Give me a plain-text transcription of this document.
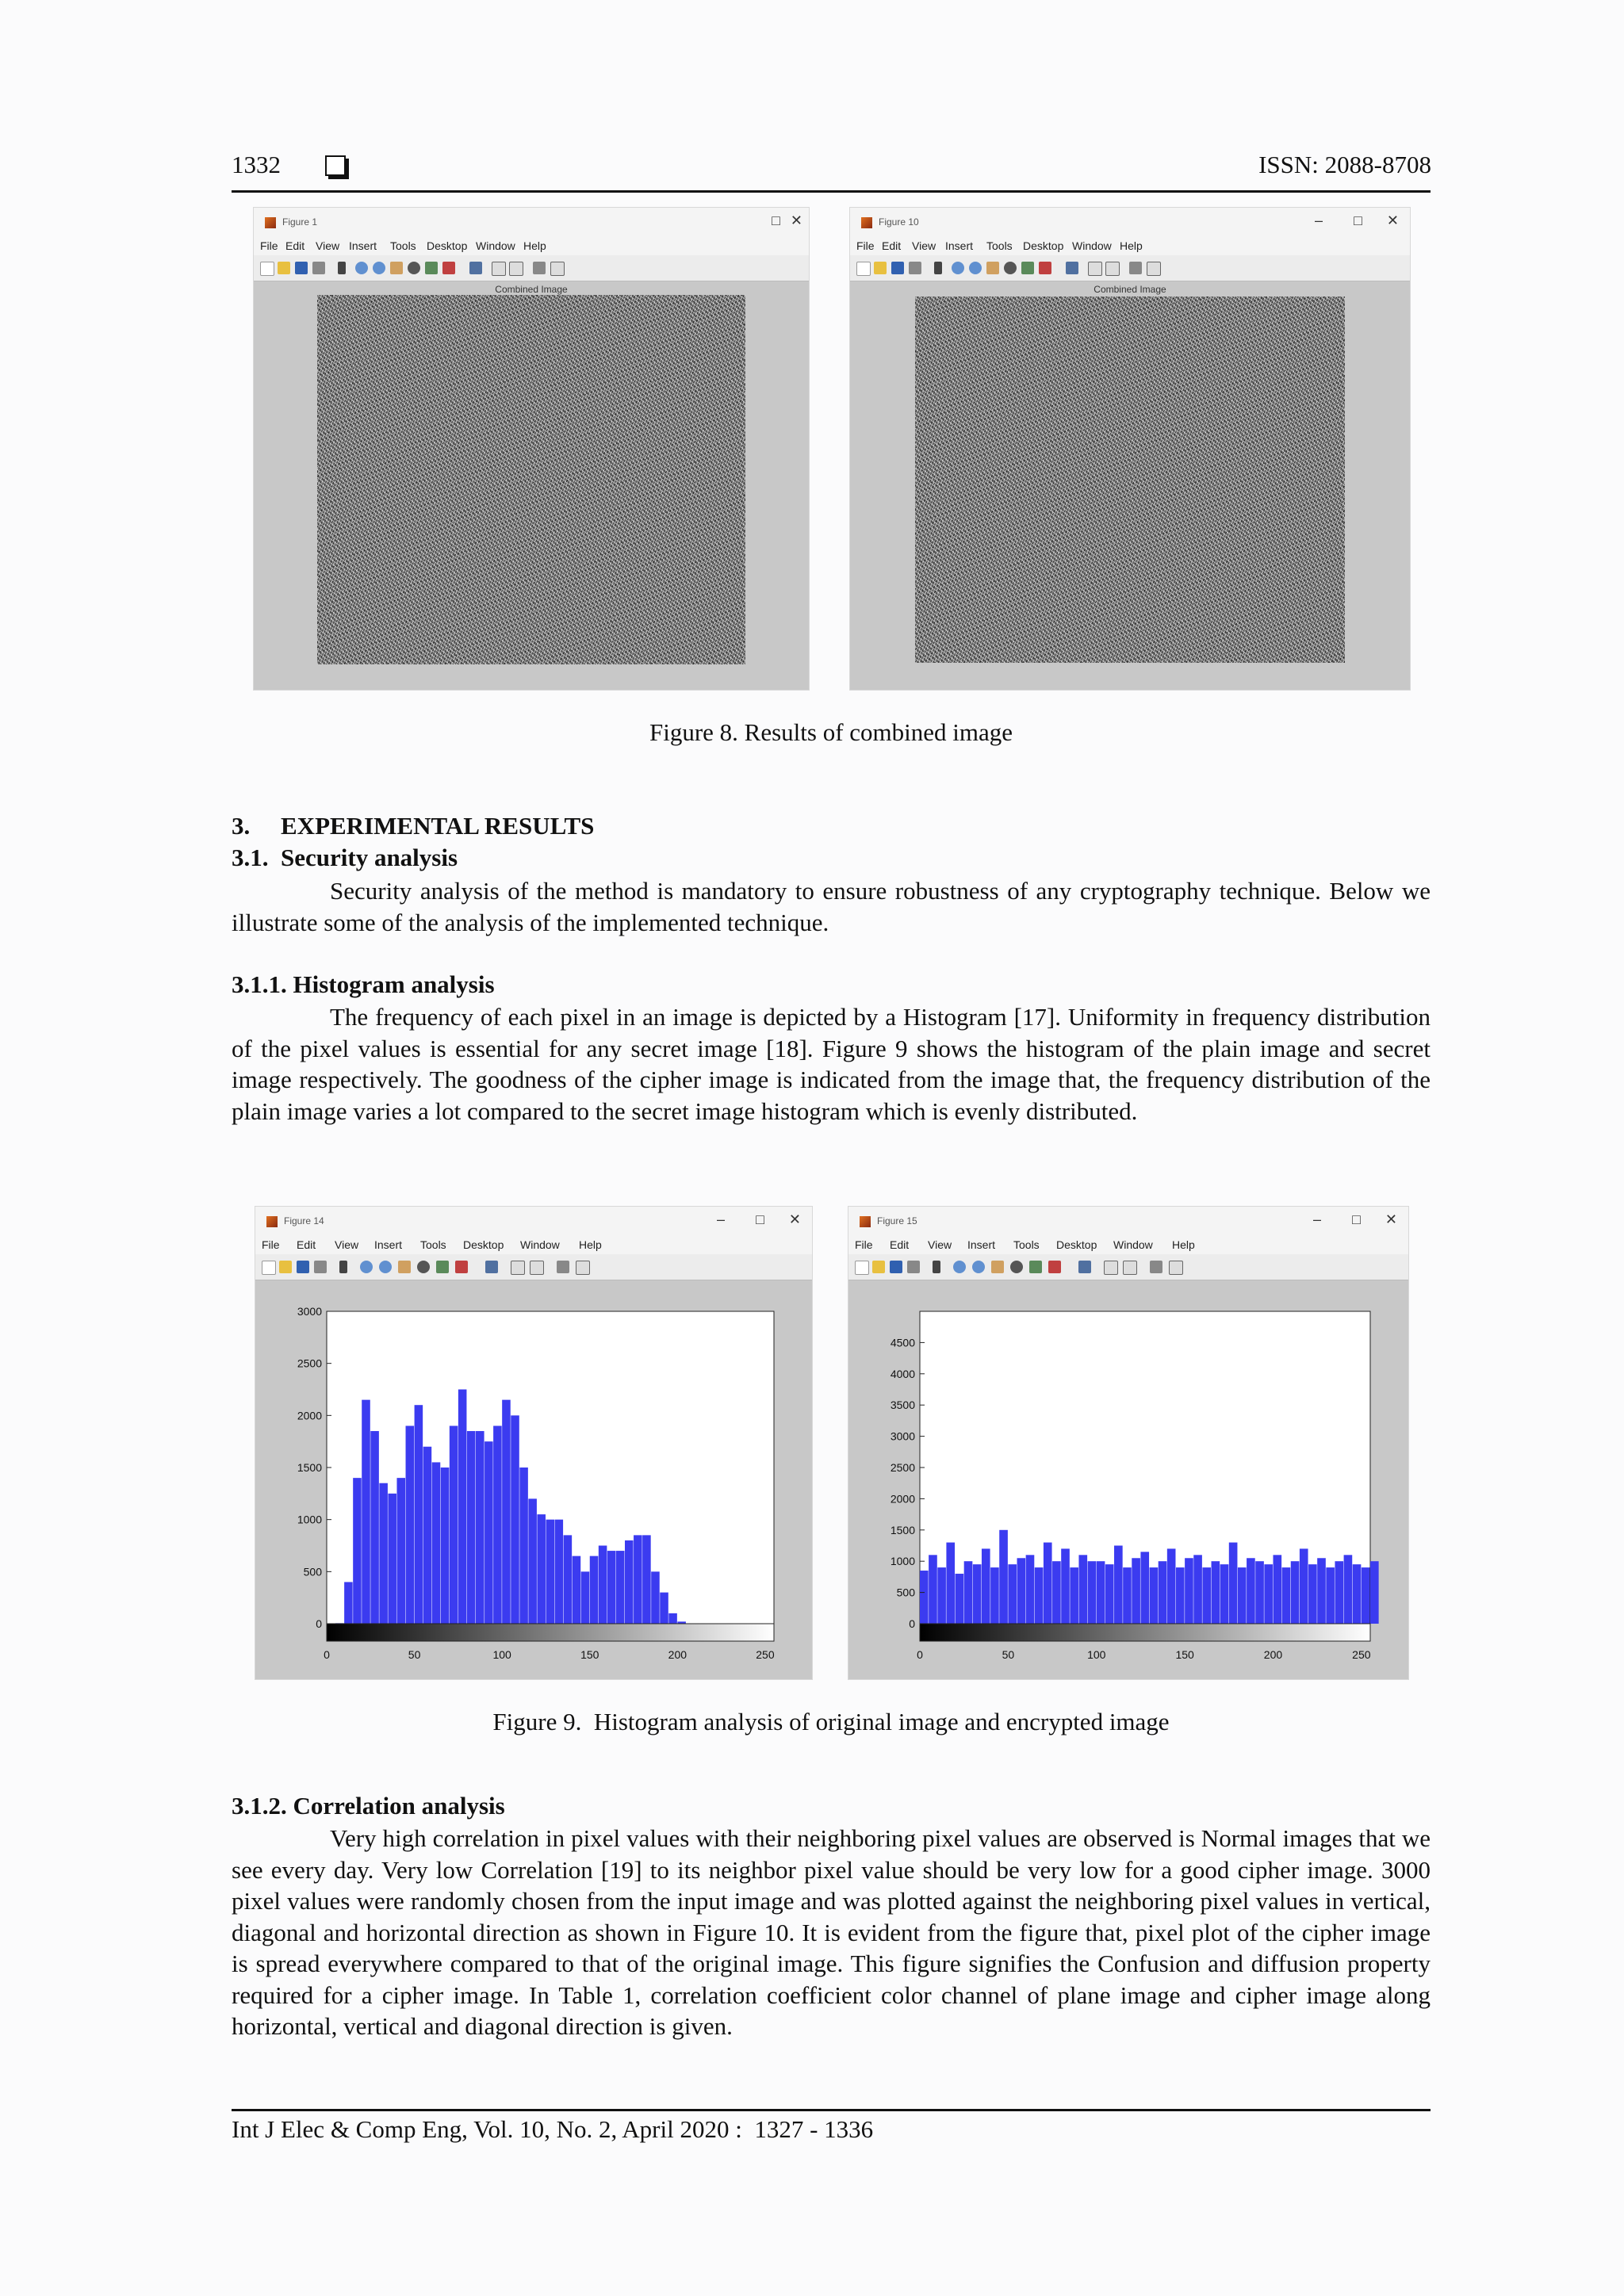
1332	ISSN: 2088-8708
Figure 1	□ ✕
File Edit View Insert Tools Desktop Window Help
Combined Image
Figure 10	– □ ✕
File Edit View Insert Tools Desktop Window Help
Combined Image
Figure 8. Results of combined image
3.     EXPERIMENTAL RESULTS
3.1.  Security analysis
Security analysis of the method is mandatory to ensure robustness of any cryptography technique. Below we illustrate some of the analysis of the implemented technique.
3.1.1. Histogram analysis
The frequency of each pixel in an image is depicted by a Histogram [17]. Uniformity in frequency distribution of the pixel values is essential for any secret image [18]. Figure 9 shows the histogram of the plain image and secret image respectively. The goodness of the cipher image is indicated from the image that, the frequency distribution of the plain image varies a lot compared to the secret image histogram which is evenly distributed.
Figure 14	– □ ✕
File Edit View Insert Tools Desktop Window Help
0	50	100	150	200	250
0
500
1000
1500
2000
2500
3000
Figure 15	– □ ✕
File Edit View Insert Tools Desktop Window Help
0	50	100	150	200	250
0
500
1000
1500
2000
2500
3000
3500
4000
4500
Figure 9.  Histogram analysis of original image and encrypted image
3.1.2. Correlation analysis
Very high correlation in pixel values with their neighboring pixel values are observed is Normal images that we see every day. Very low Correlation [19] to its neighbor pixel value should be very low for a good cipher image. 3000 pixel values were randomly chosen from the input image and was plotted against the neighboring pixel values in vertical, diagonal and horizontal direction as shown in Figure 10. It is evident from the figure that, pixel plot of the cipher image is spread everywhere compared to that of the original image. This figure signifies the Confusion and diffusion property required for a cipher image. In Table 1, correlation coefficient color channel of plane image and cipher image along horizontal, vertical and diagonal direction is given.
Int J Elec & Comp Eng, Vol. 10, No. 2, April 2020 :  1327 - 1336
